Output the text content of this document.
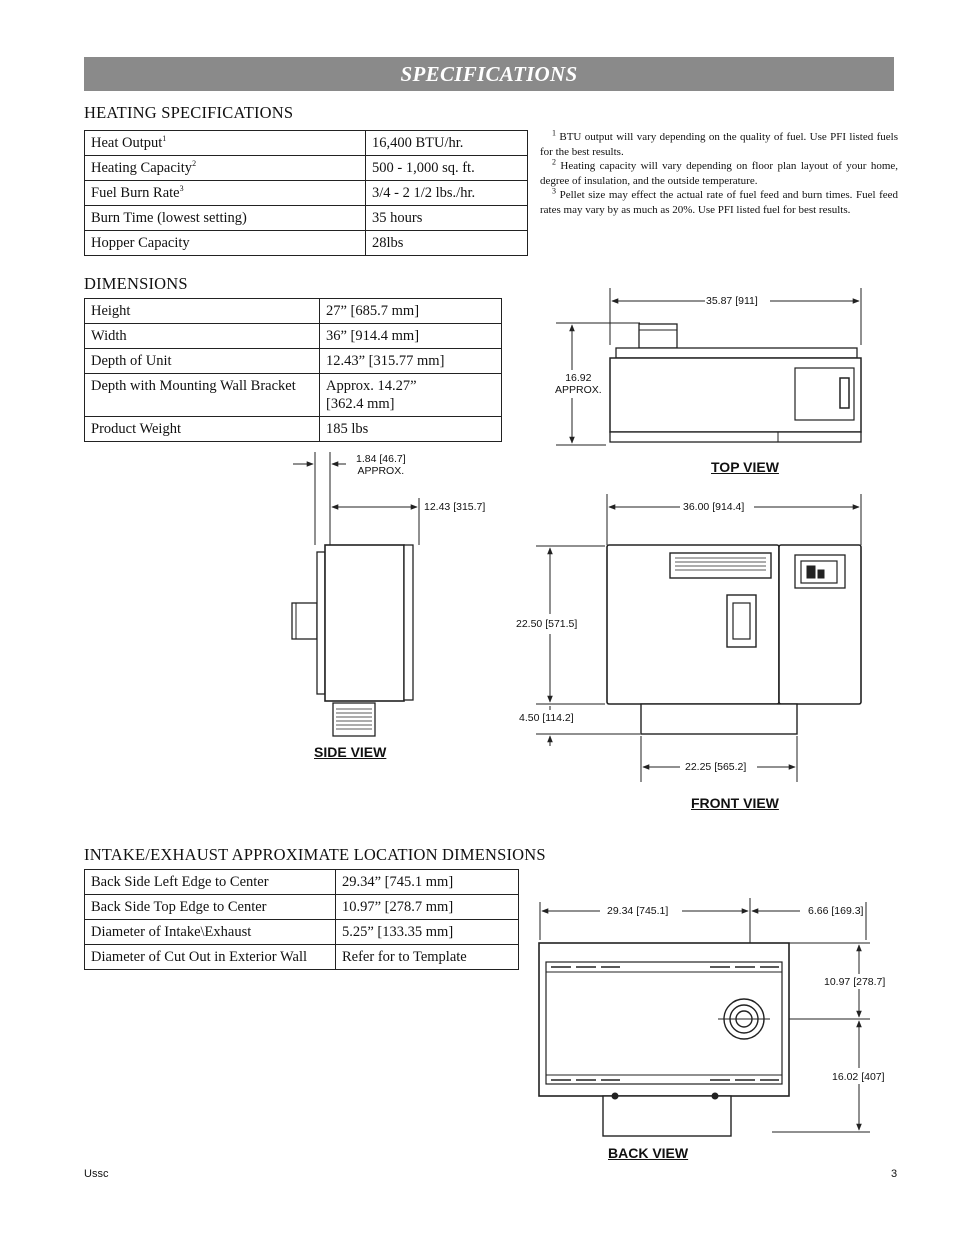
SPECIFICATIONS
HEATING SPECIFICATIONS
Heat Output$^1$	16,400 BTU/hr.
Heating Capacity$^2$	500 - 1,000 sq. ft.
Fuel Burn Rate$^3$	3/4 - 2 1/2 lbs./hr.
Burn Time (lowest setting)	35 hours
Hopper Capacity	28lbs

$^1$ BTU output will vary depending on the quality of fuel. Use PFI listed fuels for the best results.

$^2$ Heating capacity will vary depending on floor plan layout of your home, degree of insulation, and the outside temperature.

$^3$ Pellet size may effect the actual rate of fuel feed and burn times. Fuel feed rates may vary by as much as 20%. Use PFI listed fuel for best results.

DIMENSIONS
Height	27” [685.7 mm]
Width	36” [914.4 mm]
Depth of Unit	12.43” [315.77 mm]
Depth with Mounting Wall Bracket	Approx. 14.27”
[362.4 mm]
Product Weight	185 lbs
INTAKE/EXHAUST APPROXIMATE LOCATION DIMENSIONS
Back Side Left Edge to Center	29.34” [745.1 mm]
Back Side Top Edge to Center	10.97” [278.7 mm]
Diameter of Intake\Exhaust	5.25” [133.35 mm]
Diameter of Cut Out in Exterior Wall	Refer for to Template
35.87 [911]
16.92
APPROX.
TOP VIEW
1.84 [46.7]
APPROX.
12.43 [315.7]
SIDE VIEW
36.00 [914.4]
22.50 [571.5]
4.50 [114.2]
22.25 [565.2]
FRONT VIEW
29.34 [745.1]	6.66 [169.3]
10.97 [278.7]
16.02 [407]
BACK VIEW
Ussc	3
